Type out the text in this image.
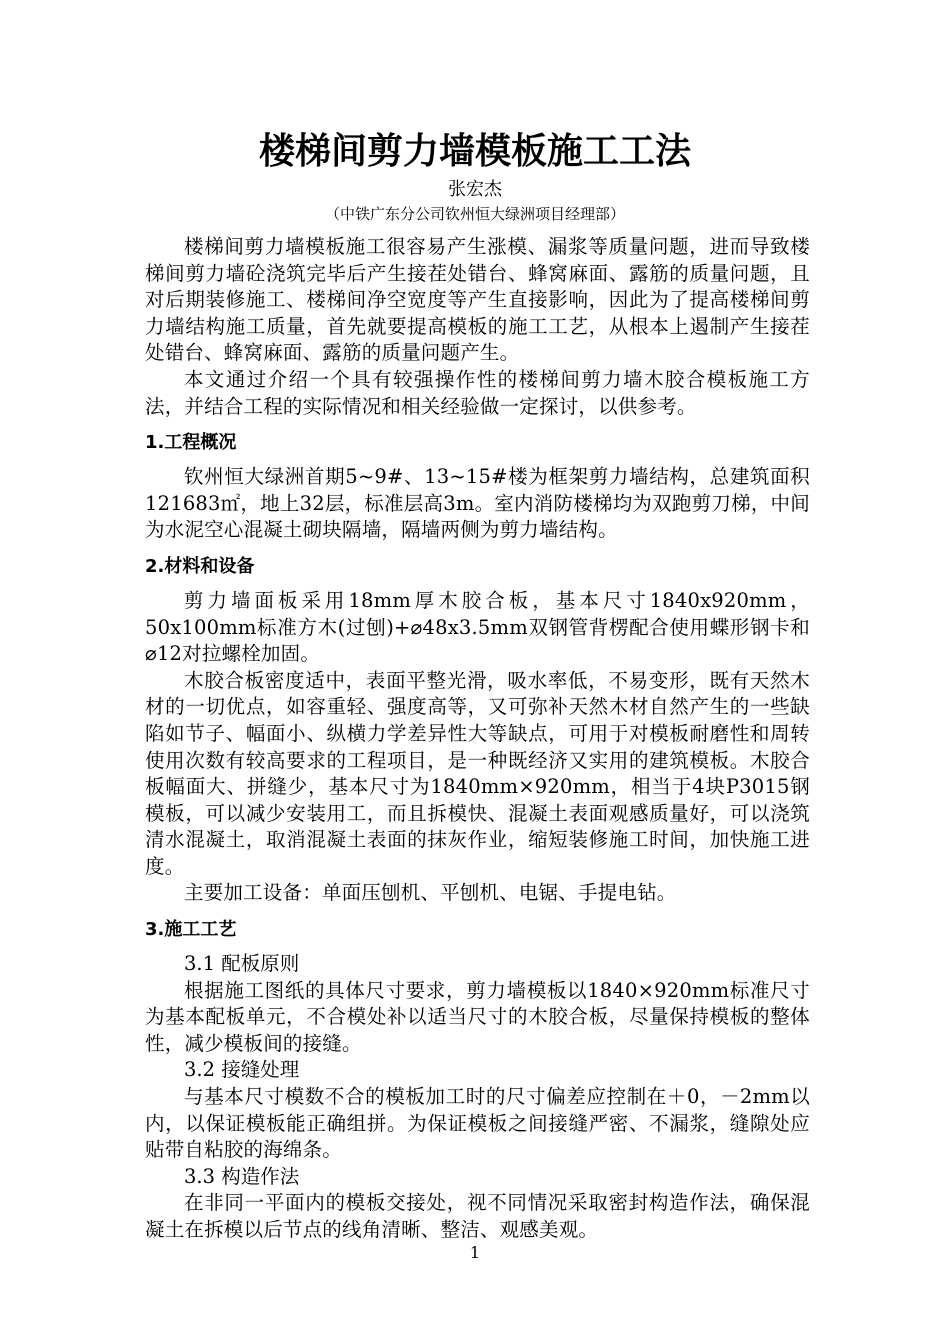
楼梯间剪力墙模板施工工法
张宏杰
（中铁广东分公司钦州恒大绿洲项目经理部）

楼梯间剪力墙模板施工很容易产生涨模、漏浆等质量问题，进而导致楼梯间剪力墙砼浇筑完毕后产生接茬处错台、蜂窝麻面、露筋的质量问题，且对后期装修施工、楼梯间净空宽度等产生直接影响，因此为了提高楼梯间剪力墙结构施工质量，首先就要提高模板的施工工艺，从根本上遏制产生接茬处错台、蜂窝麻面、露筋的质量问题产生。

本文通过介绍一个具有较强操作性的楼梯间剪力墙木胶合模板施工方法，并结合工程的实际情况和相关经验做一定探讨，以供参考。

1.工程概况

钦州恒大绿洲首期5~9#、13~15#楼为框架剪力墙结构，总建筑面积121683㎡，地上32层，标准层高3m。室内消防楼梯均为双跑剪刀梯，中间为水泥空心混凝土砌块隔墙，隔墙两侧为剪力墙结构。

2.材料和设备

剪力墙面板采用18mm厚木胶合板，基本尺寸1840x920mm，50x100mm标准方木(过刨)+⌀48x3.5mm双钢管背楞配合使用蝶形钢卡和⌀12对拉螺栓加固。

木胶合板密度适中，表面平整光滑，吸水率低，不易变形，既有天然木材的一切优点，如容重轻、强度高等，又可弥补天然木材自然产生的一些缺陷如节子、幅面小、纵横力学差异性大等缺点，可用于对模板耐磨性和周转使用次数有较高要求的工程项目，是一种既经济又实用的建筑模板。木胶合板幅面大、拼缝少，基本尺寸为1840mm×920mm，相当于4块P3015钢模板，可以减少安装用工，而且拆模快、混凝土表面观感质量好，可以浇筑清水混凝土，取消混凝土表面的抹灰作业，缩短装修施工时间，加快施工进度。

主要加工设备：单面压刨机、平刨机、电锯、手提电钻。

3.施工工艺

3.1 配板原则

根据施工图纸的具体尺寸要求，剪力墙模板以1840×920mm标准尺寸为基本配板单元，不合模处补以适当尺寸的木胶合板，尽量保持模板的整体性，减少模板间的接缝。

3.2 接缝处理

与基本尺寸模数不合的模板加工时的尺寸偏差应控制在＋0，－2mm以内，以保证模板能正确组拼。为保证模板之间接缝严密、不漏浆，缝隙处应贴带自粘胶的海绵条。

3.3 构造作法

在非同一平面内的模板交接处，视不同情况采取密封构造作法，确保混凝土在拆模以后节点的线角清晰、整洁、观感美观。

1
